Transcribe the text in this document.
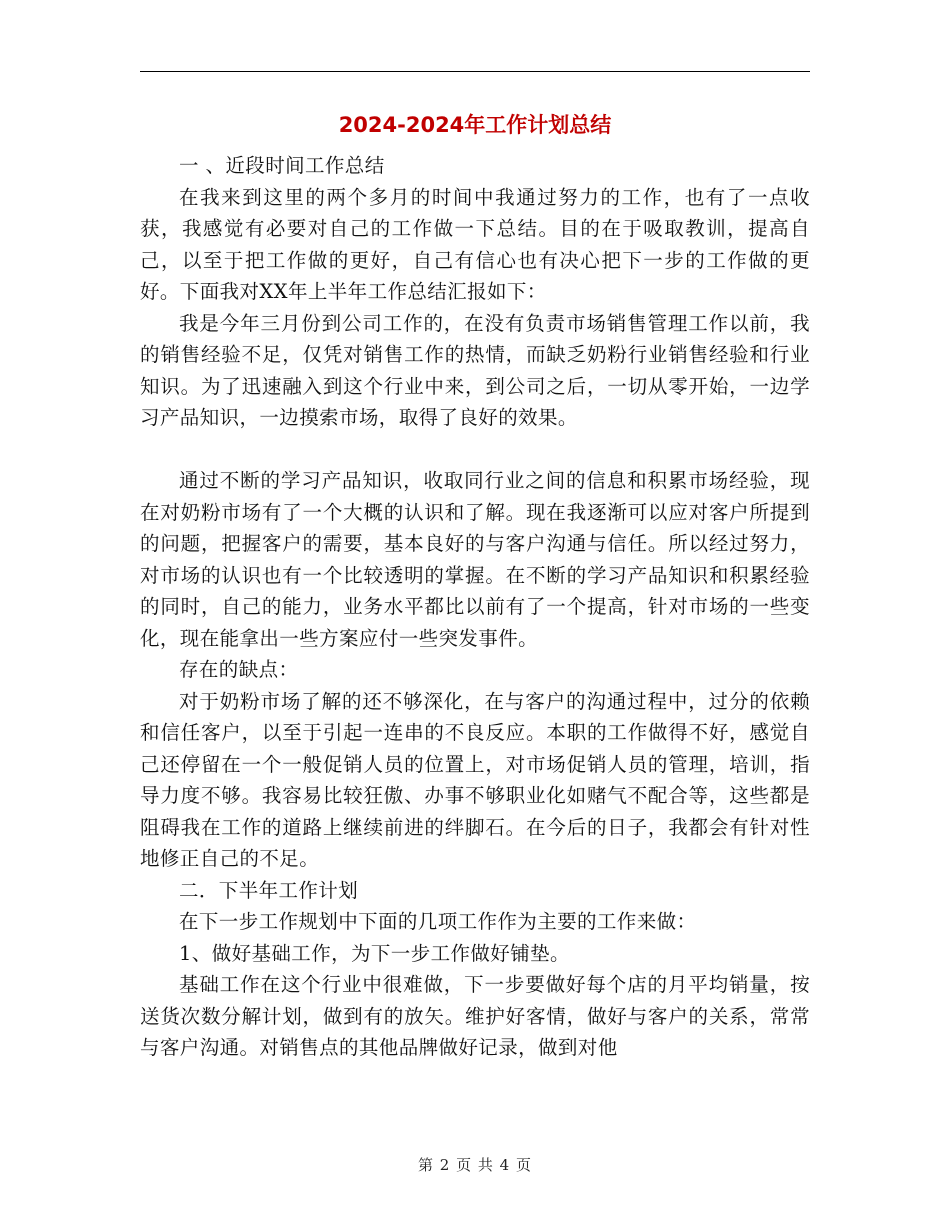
2024-2024年工作计划总结

一 、近段时间工作总结

在我来到这里的两个多月的时间中我通过努力的工作，也有了一点收获，我感觉有必要对自己的工作做一下总结。目的在于吸取教训，提高自己，以至于把工作做的更好，自己有信心也有决心把下一步的工作做的更好。下面我对XX年上半年工作总结汇报如下：

我是今年三月份到公司工作的，在没有负责市场销售管理工作以前，我的销售经验不足，仅凭对销售工作的热情，而缺乏奶粉行业销售经验和行业知识。为了迅速融入到这个行业中来，到公司之后，一切从零开始，一边学习产品知识，一边摸索市场，取得了良好的效果。

通过不断的学习产品知识，收取同行业之间的信息和积累市场经验，现在对奶粉市场有了一个大概的认识和了解。现在我逐渐可以应对客户所提到的问题，把握客户的需要，基本良好的与客户沟通与信任。所以经过努力，对市场的认识也有一个比较透明的掌握。在不断的学习产品知识和积累经验的同时，自己的能力，业务水平都比以前有了一个提高，针对市场的一些变化，现在能拿出一些方案应付一些突发事件。

存在的缺点：

对于奶粉市场了解的还不够深化，在与客户的沟通过程中，过分的依赖和信任客户，以至于引起一连串的不良反应。本职的工作做得不好，感觉自己还停留在一个一般促销人员的位置上，对市场促销人员的管理，培训，指导力度不够。我容易比较狂傲、办事不够职业化如赌气不配合等，这些都是阻碍我在工作的道路上继续前进的绊脚石。在今后的日子，我都会有针对性地修正自己的不足。

二．下半年工作计划

在下一步工作规划中下面的几项工作作为主要的工作来做：

1、做好基础工作，为下一步工作做好铺垫。

基础工作在这个行业中很难做，下一步要做好每个店的月平均销量，按送货次数分解计划，做到有的放矢。维护好客情，做好与客户的关系，常常与客户沟通。对销售点的其他品牌做好记录，做到对他

第 2 页 共 4 页
